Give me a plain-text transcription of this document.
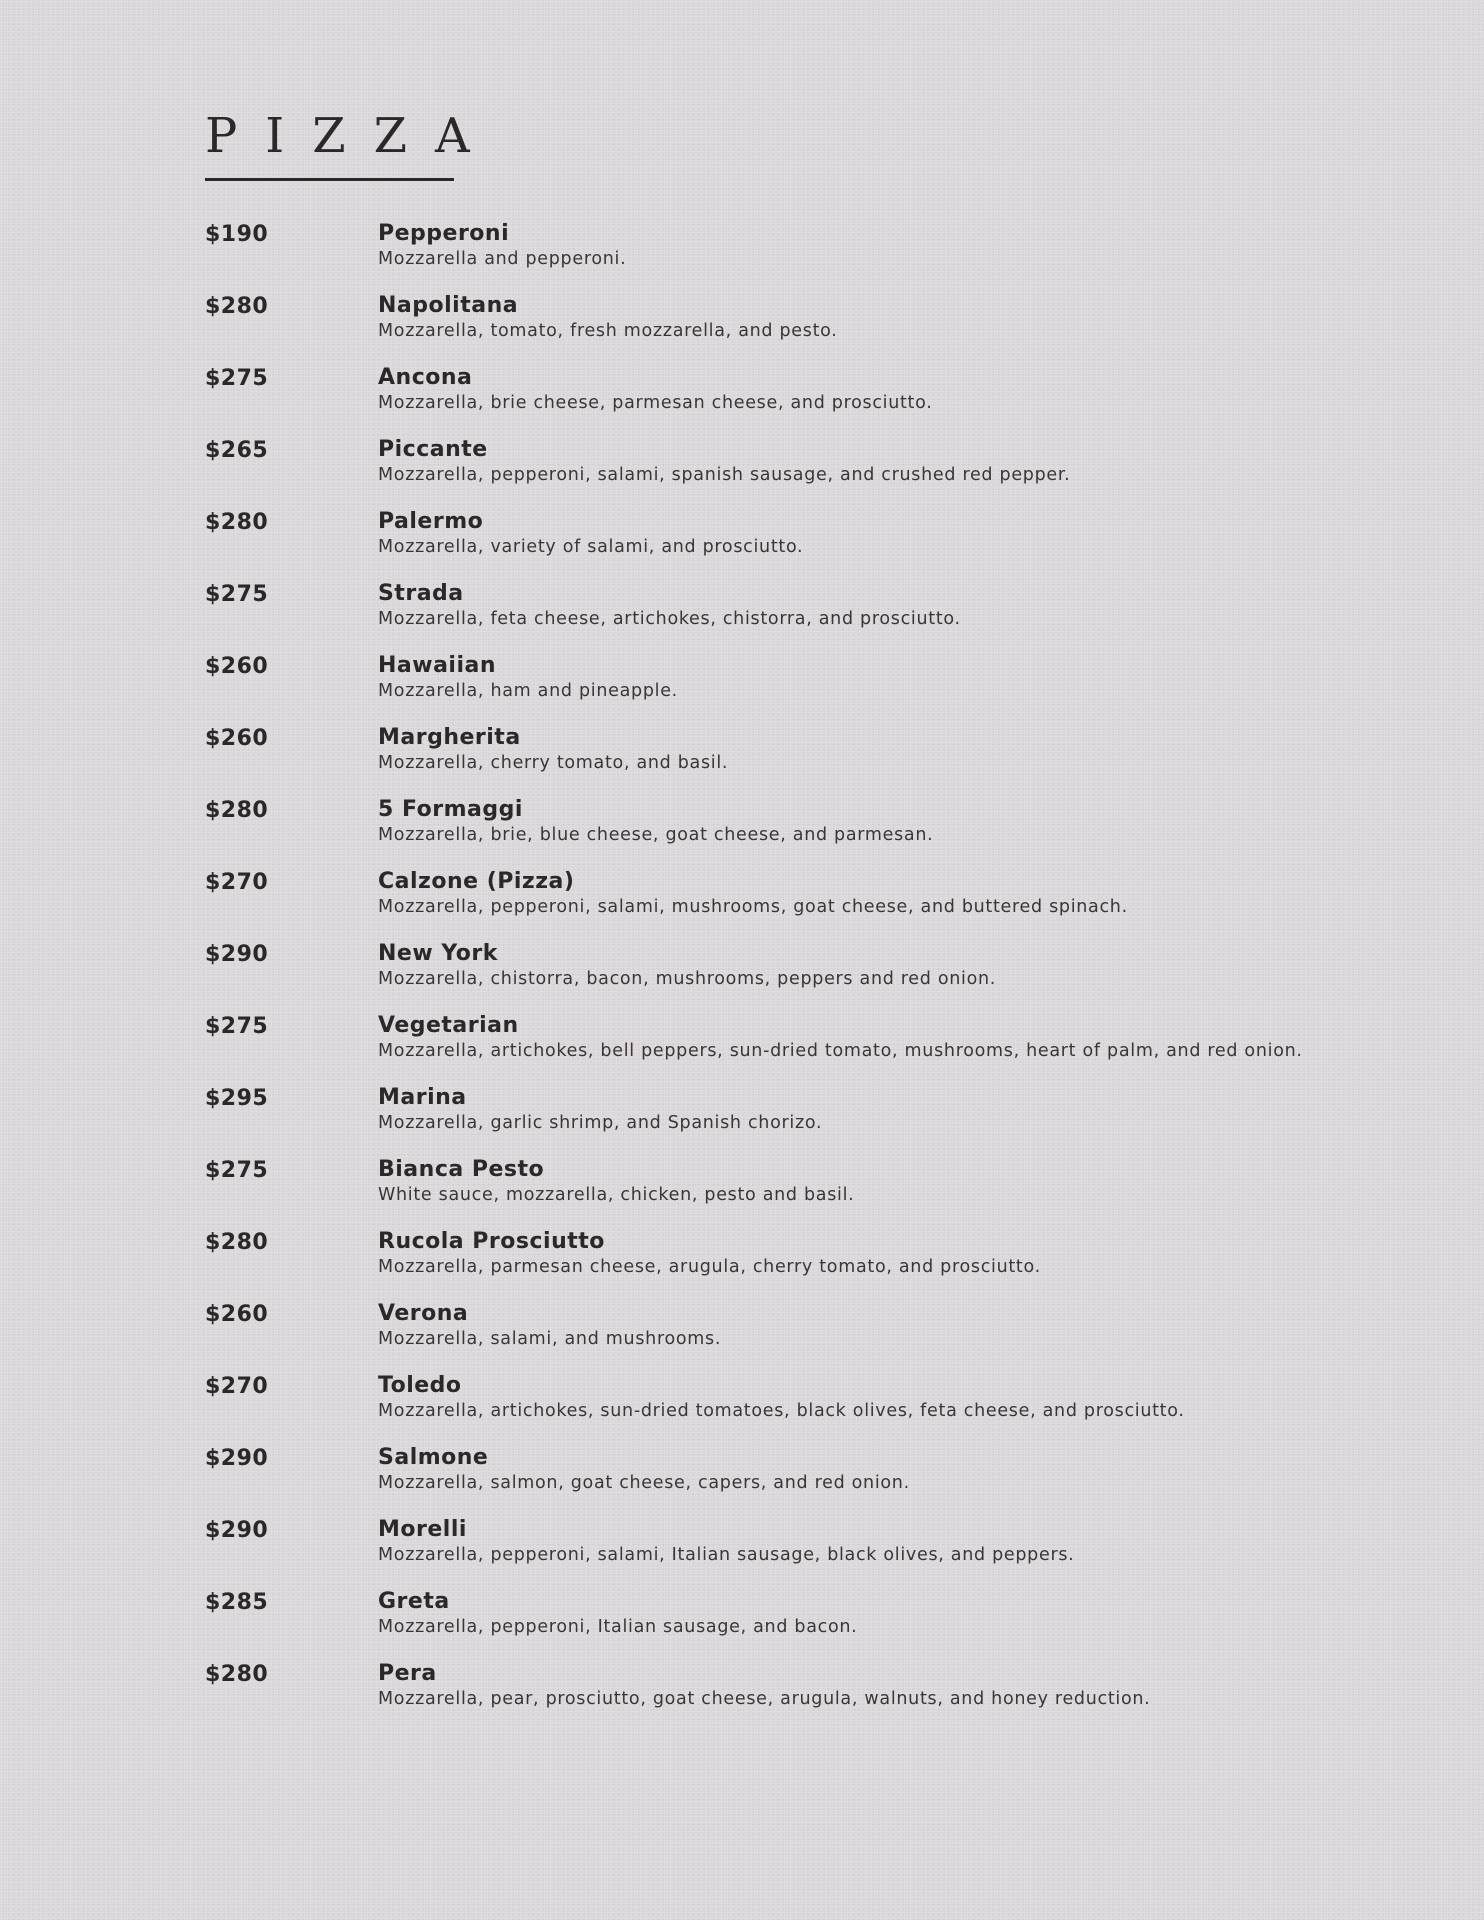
PIZZA
$190	Pepperoni
Mozzarella and pepperoni.
$280	Napolitana
Mozzarella, tomato, fresh mozzarella, and pesto.
$275	Ancona
Mozzarella, brie cheese, parmesan cheese, and prosciutto.
$265	Piccante
Mozzarella, pepperoni, salami, spanish sausage, and crushed red pepper.
$280	Palermo
Mozzarella, variety of salami, and prosciutto.
$275	Strada
Mozzarella, feta cheese, artichokes, chistorra, and prosciutto.
$260	Hawaiian
Mozzarella, ham and pineapple.
$260	Margherita
Mozzarella, cherry tomato, and basil.
$280	5 Formaggi
Mozzarella, brie, blue cheese, goat cheese, and parmesan.
$270	Calzone (Pizza)
Mozzarella, pepperoni, salami, mushrooms, goat cheese, and buttered spinach.
$290	New York
Mozzarella, chistorra, bacon, mushrooms, peppers and red onion.
$275	Vegetarian
Mozzarella, artichokes, bell peppers, sun-dried tomato, mushrooms, heart of palm, and red onion.
$295	Marina
Mozzarella, garlic shrimp, and Spanish chorizo.
$275	Bianca Pesto
White sauce, mozzarella, chicken, pesto and basil.
$280	Rucola Prosciutto
Mozzarella, parmesan cheese, arugula, cherry tomato, and prosciutto.
$260	Verona
Mozzarella, salami, and mushrooms.
$270	Toledo
Mozzarella, artichokes, sun-dried tomatoes, black olives, feta cheese, and prosciutto.
$290	Salmone
Mozzarella, salmon, goat cheese, capers, and red onion.
$290	Morelli
Mozzarella, pepperoni, salami, Italian sausage, black olives, and peppers.
$285	Greta
Mozzarella, pepperoni, Italian sausage, and bacon.
$280	Pera
Mozzarella, pear, prosciutto, goat cheese, arugula, walnuts, and honey reduction.
